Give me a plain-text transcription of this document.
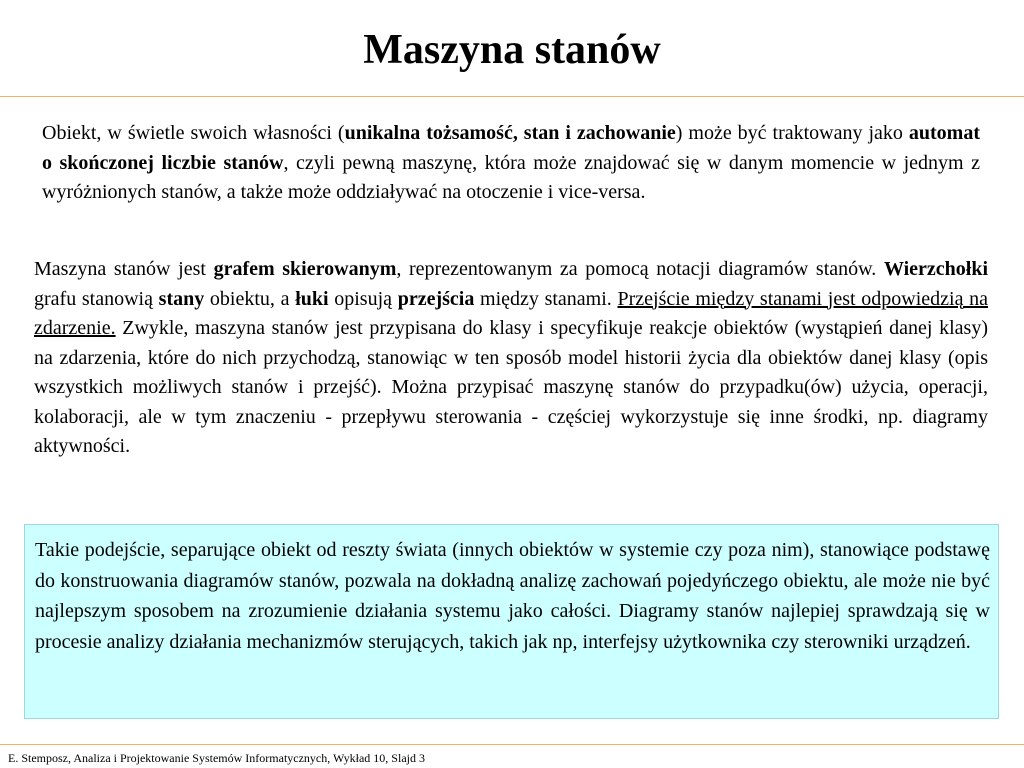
Maszyna stanów

Obiekt, w świetle swoich własności (unikalna tożsamość, stan i zachowanie) może być traktowany jako automat o skończonej liczbie stanów, czyli pewną maszynę, która może znajdować się w danym momencie w jednym z wyróżnionych stanów, a także może oddziaływać na otoczenie i vice-versa.

Maszyna stanów jest grafem skierowanym, reprezentowanym za pomocą notacji diagramów stanów. Wierzchołki grafu stanowią stany obiektu, a łuki opisują przejścia między stanami. Przejście między stanami jest odpowiedzią na zdarzenie. Zwykle, maszyna stanów jest przypisana do klasy i specyfikuje reakcje obiektów (wystąpień danej klasy) na zdarzenia, które do nich przychodzą, stanowiąc w ten sposób model historii życia dla obiektów danej klasy (opis wszystkich możliwych stanów i przejść). Można przypisać maszynę stanów do przypadku(ów) użycia, operacji, kolaboracji, ale w tym znaczeniu - przepływu sterowania - częściej wykorzystuje się inne środki, np. diagramy aktywności.

Takie podejście, separujące obiekt od reszty świata (innych obiektów w systemie czy poza nim), stanowiące podstawę do konstruowania diagramów stanów, pozwala na dokładną analizę zachowań pojedyńczego obiektu, ale może nie być najlepszym sposobem na zrozumienie działania systemu jako całości. Diagramy stanów najlepiej sprawdzają się w procesie analizy działania mechanizmów sterujących, takich jak np, interfejsy użytkownika czy sterowniki urządzeń.

E. Stemposz, Analiza i Projektowanie Systemów Informatycznych, Wykład 10, Slajd 3
